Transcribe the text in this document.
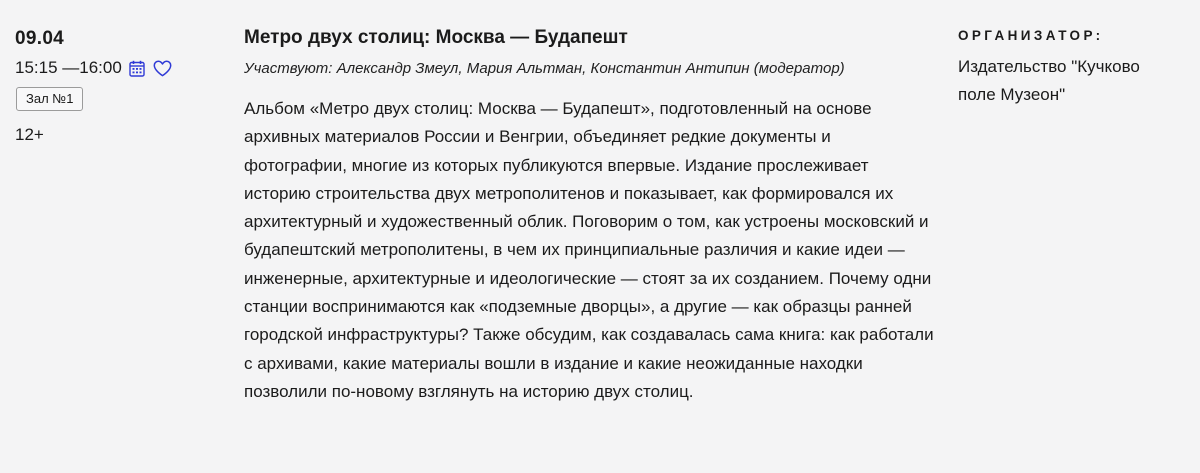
09.04
15:15 —16:00
Зал №1
12+
Метро двух столиц: Москва — Будапешт
Участвуют: Александр Змеул, Мария Альтман, Константин Антипин (модератор)
Альбом «Метро двух столиц: Москва — Будапешт», подготовленный на основе архивных материалов России и Венгрии, объединяет редкие документы и фотографии, многие из которых публикуются впервые. Издание прослеживает историю строительства двух метрополитенов и показывает, как формировался их архитектурный и художественный облик. Поговорим о том, как устроены московский и будапештский метрополитены, в чем их принципиальные различия и какие идеи — инженерные, архитектурные и идеологические — стоят за их созданием. Почему одни станции воспринимаются как «подземные дворцы», а другие — как образцы ранней городской инфраструктуры? Также обсудим, как создавалась сама книга: как работали с архивами, какие материалы вошли в издание и какие неожиданные находки позволили по-новому взглянуть на историю двух столиц.
ОРГАНИЗАТОР:
Издательство "Кучково поле Музеон"
